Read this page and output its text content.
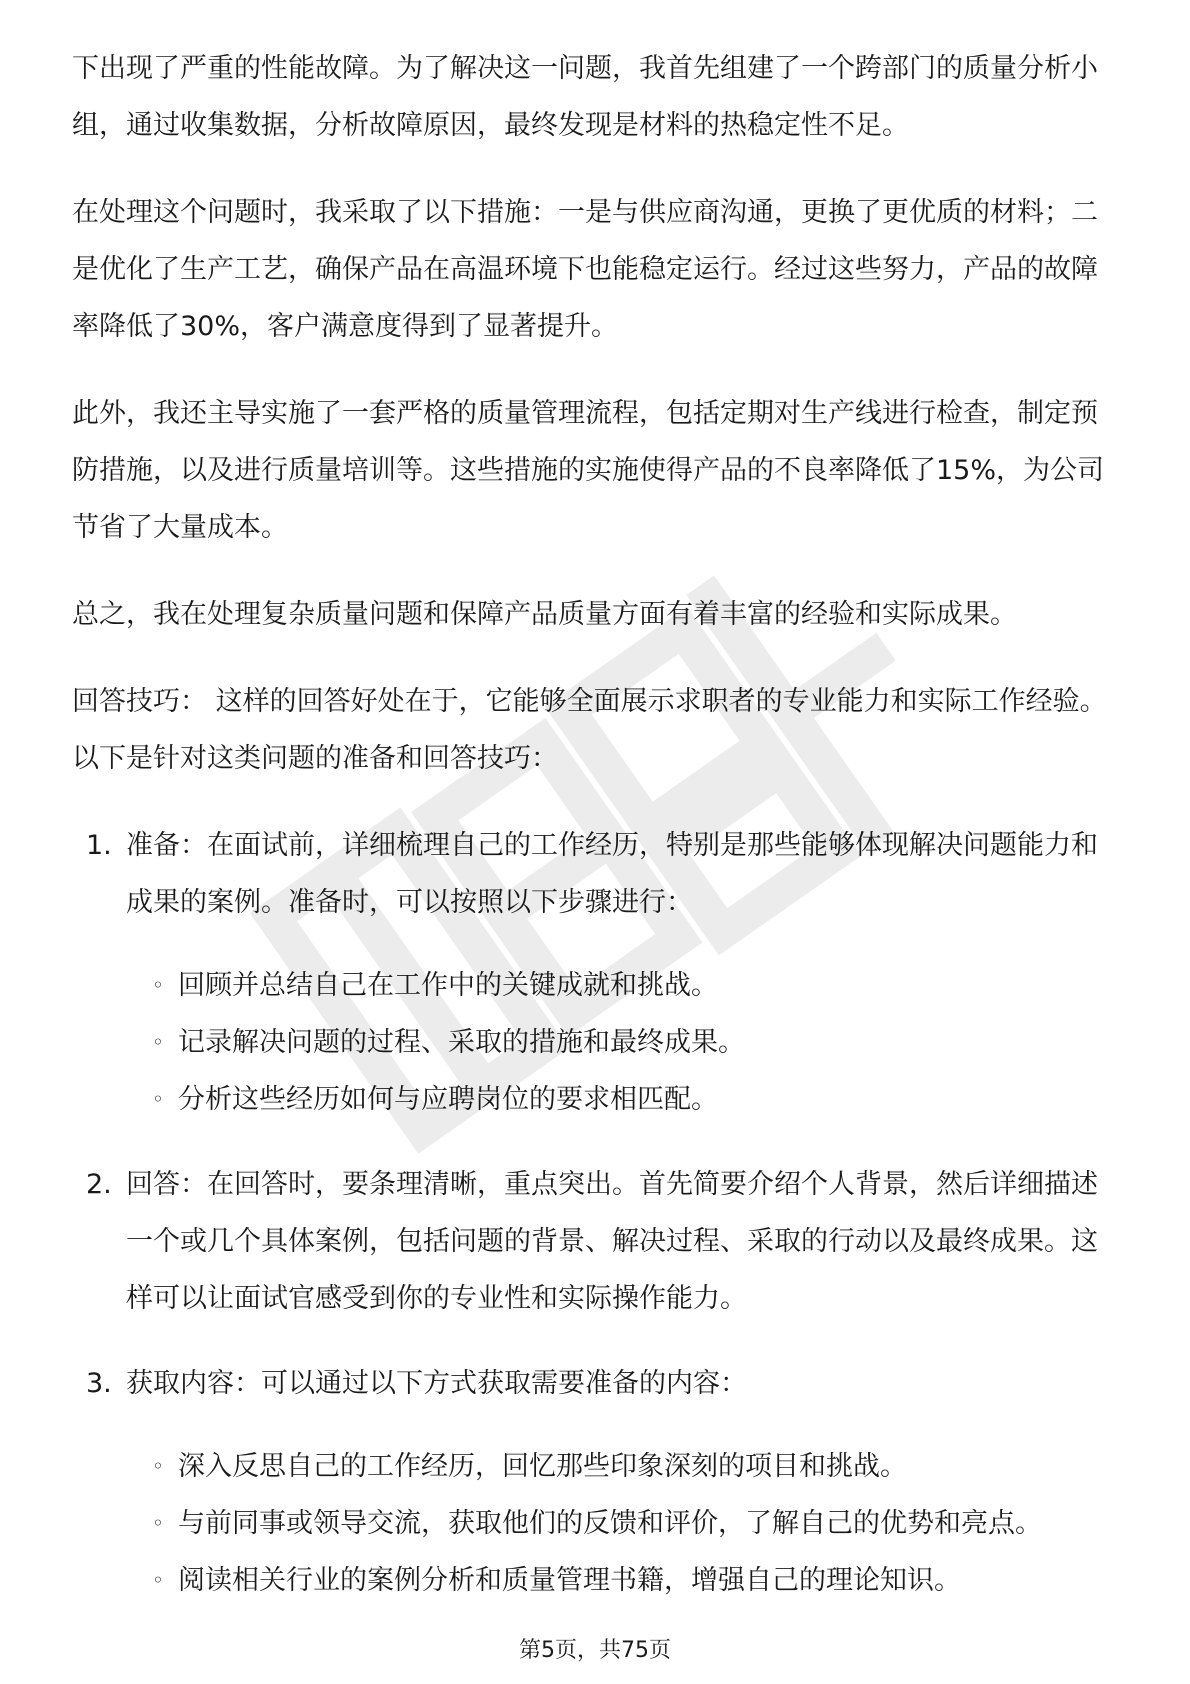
下出现了严重的性能故障。为了解决这一问题，我首先组建了一个跨部门的质量分析小组，通过收集数据，分析故障原因，最终发现是材料的热稳定性不足。

在处理这个问题时，我采取了以下措施：一是与供应商沟通，更换了更优质的材料；二是优化了生产工艺，确保产品在高温环境下也能稳定运行。经过这些努力，产品的故障率降低了30%，客户满意度得到了显著提升。

此外，我还主导实施了一套严格的质量管理流程，包括定期对生产线进行检查，制定预防措施，以及进行质量培训等。这些措施的实施使得产品的不良率降低了15%，为公司节省了大量成本。

总之，我在处理复杂质量问题和保障产品质量方面有着丰富的经验和实际成果。

回答技巧： 这样的回答好处在于，它能够全面展示求职者的专业能力和实际工作经验。以下是针对这类问题的准备和回答技巧：

1. 准备：在面试前，详细梳理自己的工作经历，特别是那些能够体现解决问题能力和成果的案例。准备时，可以按照以下步骤进行：
◦ 回顾并总结自己在工作中的关键成就和挑战。
◦ 记录解决问题的过程、采取的措施和最终成果。
◦ 分析这些经历如何与应聘岗位的要求相匹配。
2. 回答：在回答时，要条理清晰，重点突出。首先简要介绍个人背景，然后详细描述一个或几个具体案例，包括问题的背景、解决过程、采取的行动以及最终成果。这样可以让面试官感受到你的专业性和实际操作能力。
3. 获取内容：可以通过以下方式获取需要准备的内容：
◦ 深入反思自己的工作经历，回忆那些印象深刻的项目和挑战。
◦ 与前同事或领导交流，获取他们的反馈和评价，了解自己的优势和亮点。
◦ 阅读相关行业的案例分析和质量管理书籍，增强自己的理论知识。
第5页，共75页
